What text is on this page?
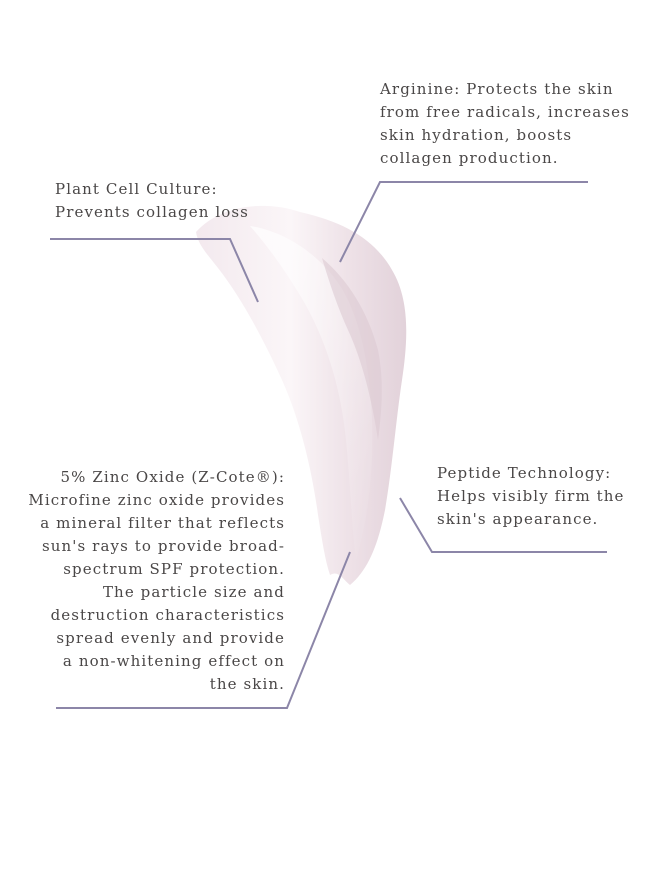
Arginine: Protects the skin
from free radicals, increases
skin hydration, boosts
collagen production.
Plant Cell Culture:
Prevents collagen loss
5% Zinc Oxide (Z-Cote®):
Microfine zinc oxide provides
a mineral filter that reflects
sun's rays to provide broad-
spectrum SPF protection.
The particle size and
destruction characteristics
spread evenly and provide
a non-whitening effect on
the skin.
Peptide Technology:
Helps visibly firm the
skin's appearance.
